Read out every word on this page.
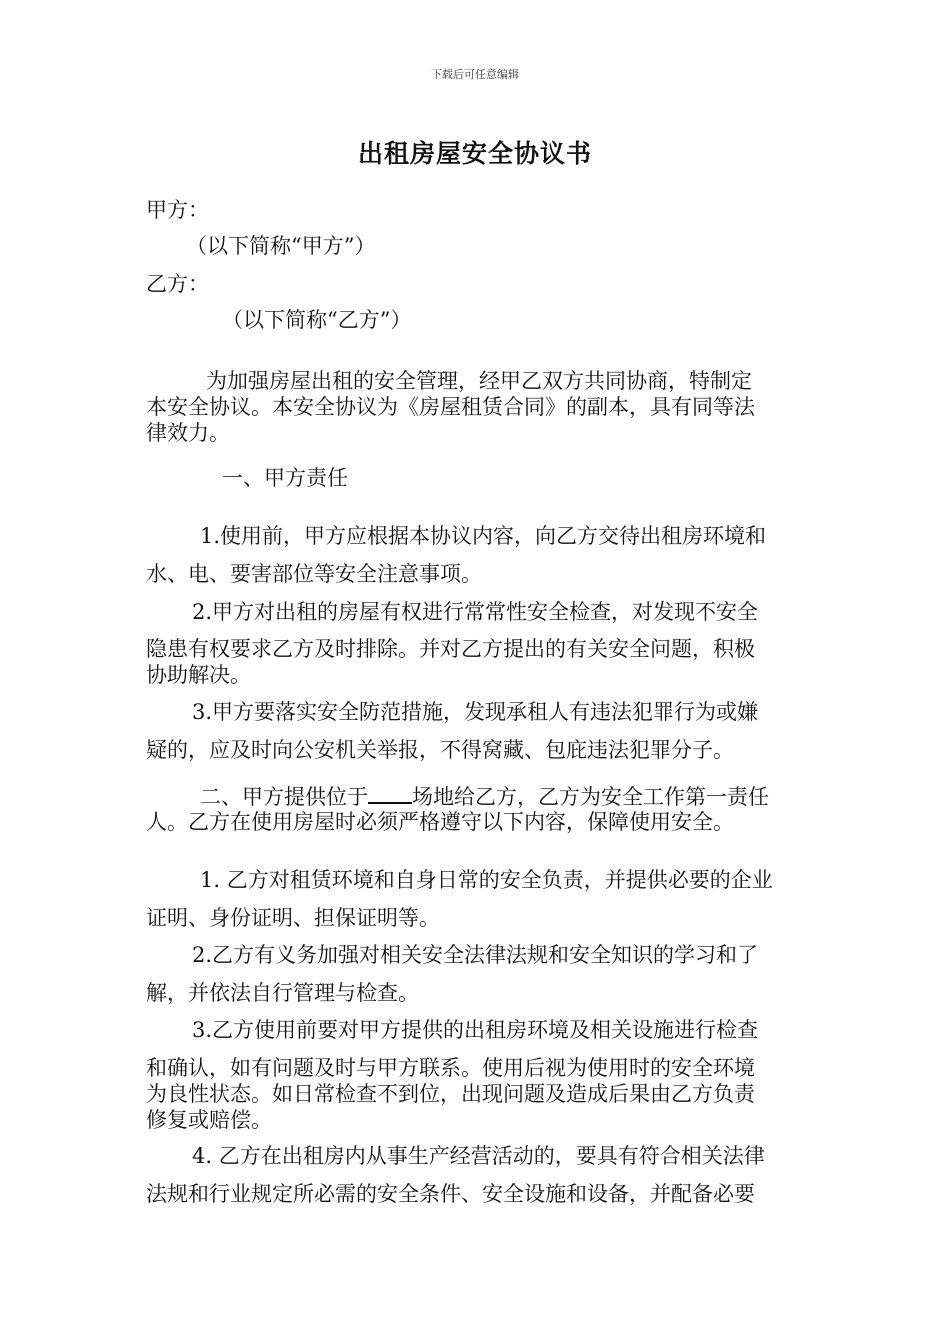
下载后可任意编辑
出租房屋安全协议书
甲方：
（以下简称“甲方”）
乙方：
（以下简称“乙方”）
为加强房屋出租的安全管理，经甲乙双方共同协商，特制定
本安全协议。本安全协议为《房屋租赁合同》的副本，具有同等法
律效力。
一、甲方责任
1.使用前，甲方应根据本协议内容，向乙方交待出租房环境和
水、电、要害部位等安全注意事项。
2.甲方对出租的房屋有权进行常常性安全检查，对发现不安全
隐患有权要求乙方及时排除。并对乙方提出的有关安全问题，积极
协助解决。
3.甲方要落实安全防范措施，发现承租人有违法犯罪行为或嫌
疑的，应及时向公安机关举报，不得窝藏、包庇违法犯罪分子。
二、甲方提供位于 场地给乙方，乙方为安全工作第一责任
人。乙方在使用房屋时必须严格遵守以下内容，保障使用安全。
1. 乙方对租赁环境和自身日常的安全负责，并提供必要的企业
证明、身份证明、担保证明等。
2.乙方有义务加强对相关安全法律法规和安全知识的学习和了
解，并依法自行管理与检查。
3.乙方使用前要对甲方提供的出租房环境及相关设施进行检查
和确认，如有问题及时与甲方联系。使用后视为使用时的安全环境
为良性状态。如日常检查不到位，出现问题及造成后果由乙方负责
修复或赔偿。
4. 乙方在出租房内从事生产经营活动的，要具有符合相关法律
法规和行业规定所必需的安全条件、安全设施和设备，并配备必要
